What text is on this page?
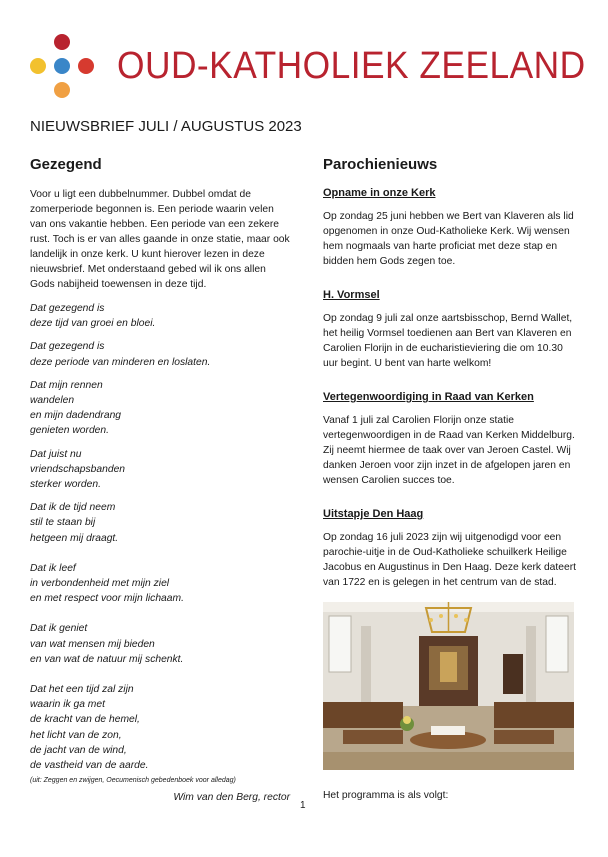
OUD-KATHOLIEK ZEELAND
NIEUWSBRIEF JULI / AUGUSTUS 2023
Gezegend

Voor u ligt een dubbelnummer. Dubbel omdat de zomerperiode begonnen is. Een periode waarin velen van ons vakantie hebben. Een periode van een zekere rust. Toch is er van alles gaande in onze statie, maar ook landelijk in onze kerk. U kunt hierover lezen in deze nieuwsbrief. Met onderstaand gebed wil ik ons allen Gods nabijheid toewensen in deze tijd.

Dat gezegend is
deze tijd van groei en bloei.
Dat gezegend is
deze periode van minderen en loslaten.
Dat mijn rennen
wandelen
en mijn dadendrang
genieten worden.
Dat juist nu
vriendschapsbanden
sterker worden.
Dat ik de tijd neem
stil te staan bij
hetgeen mij draagt.
Dat ik leef
in verbondenheid met mijn ziel
en met respect voor mijn lichaam.
Dat ik geniet
van wat mensen mij bieden
en van wat de natuur mij schenkt.
Dat het een tijd zal zijn
waarin ik ga met
de kracht van de hemel,
het licht van de zon,
de jacht van de wind,
de vastheid van de aarde.

(uit: Zeggen en zwijgen, Oecumenisch gebedenboek voor alledag)

Wim van den Berg, rector

Parochienieuws

Opname in onze Kerk

Op zondag 25 juni hebben we Bert van Klaveren als lid opgenomen in onze Oud-Katholieke Kerk. Wij wensen hem nogmaals van harte proficiat met deze stap en bidden hem Gods zegen toe.

H. Vormsel

Op zondag 9 juli zal onze aartsbisschop, Bernd Wallet, het heilig Vormsel toedienen aan Bert van Klaveren en Carolien Florijn in de eucharistieviering die om 10.30 uur begint. U bent van harte welkom!

Vertegenwoordiging in Raad van Kerken

Vanaf 1 juli zal Carolien Florijn onze statie vertegenwoordigen in de Raad van Kerken Middelburg. Zij neemt hiermee de taak over van Jeroen Castel. Wij danken Jeroen voor zijn inzet in de afgelopen jaren en wensen Carolien succes toe.

Uitstapje Den Haag

Op zondag 16 juli 2023 zijn wij uitgenodigd voor een parochie-uitje in de Oud-Katholieke schuilkerk Heilige Jacobus en Augustinus in Den Haag. Deze kerk dateert van 1722 en is gelegen in het centrum van de stad.

Het programma is als volgt:
1
